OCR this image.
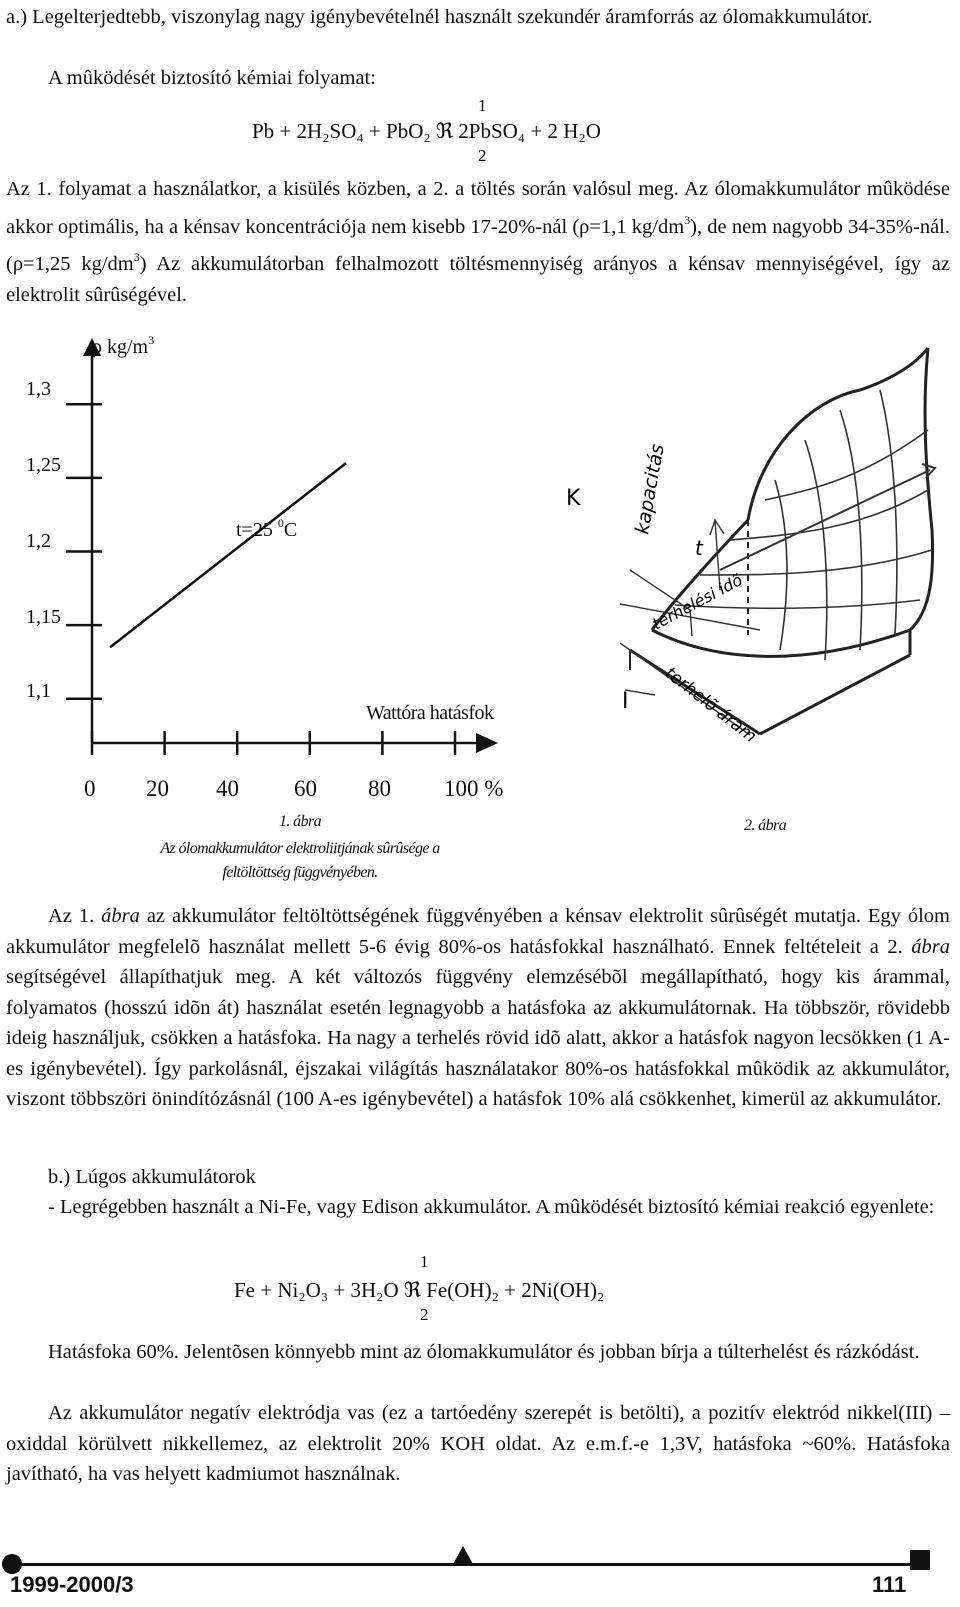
a.) Legelterjedtebb, viszonylag nagy igénybevételnél használt szekundér áramforrás az ólomakkumulátor.
A mûködését biztosító kémiai folyamat:
1
Pb + 2H₂SO₄ + PbO₂ ℜ 2PbSO₄ + 2 H₂O
2
Az 1. folyamat a használatkor, a kisülés közben, a 2. a töltés során valósul meg. Az ólomakkumulátor mûködése akkor optimális, ha a kénsav koncentrációja nem kisebb 17-20%-nál (ρ=1,1 $kg/dm^3$), de nem nagyobb 34-35%-nál.(ρ=1,25 $kg/dm^3$) Az akkumulátorban felhalmozott töltésmennyiség arányos a kénsav mennyiségével, így az elektrolit sûrûségével.
ρ $kg/m^3$
1,3
1,25
1,2
1,15
1,1
0 20 40 60 80 100 %
Wattóra hatásfok
t=25 $^0$C
1. ábra
Az ólomakkumulátor elektroliitjának sûrûsége a
feltöltöttség függvényében.
K
t
I
kapacitás
terhelési idõ
terhelõ áram
2. ábra
Az 1. ábra az akkumulátor feltöltöttségének függvényében a kénsav elektrolit sûrûségét mutatja. Egy ólom akkumulátor megfelelõ használat mellett 5-6 évig 80%-os hatásfokkal használható. Ennek feltételeit a 2. ábra segítségével állapíthatjuk meg. A két változós függvény elemzésébõl megállapítható, hogy kis árammal, folyamatos (hosszú idõn át) használat esetén legnagyobb a hatásfoka az akkumulátornak. Ha többször, rövidebb ideig használjuk, csökken a hatásfoka. Ha nagy a terhelés rövid idõ alatt, akkor a hatásfok nagyon lecsökken (1 A-es igénybevétel). Így parkolásnál, éjszakai világítás használatakor 80%-os hatásfokkal mûködik az akkumulátor, viszont többszöri önindítózásnál (100 A-es igénybevétel) a hatásfok 10% alá csökkenhet, kimerül az akkumulátor.
b.) Lúgos akkumulátorok
- Legrégebben használt a Ni-Fe, vagy Edison akkumulátor. A mûködését biztosító kémiai reakció egyenlete:
1
Fe + Ni₂O₃ + 3H₂O ℜ Fe(OH)₂ + 2Ni(OH)₂
2
Hatásfoka 60%. Jelentõsen könnyebb mint az ólomakkumulátor és jobban bírja a túlterhelést és rázkódást.
Az akkumulátor negatív elektródja vas (ez a tartóedény szerepét is betölti), a pozitív elektród nikkel(III) –oxiddal körülvett nikkellemez, az elektrolit 20% KOH oldat. Az e.m.f.-e 1,3V, hatásfoka ~60%. Hatásfoka javítható, ha vas helyett kadmiumot használnak.
1999-2000/3	111
